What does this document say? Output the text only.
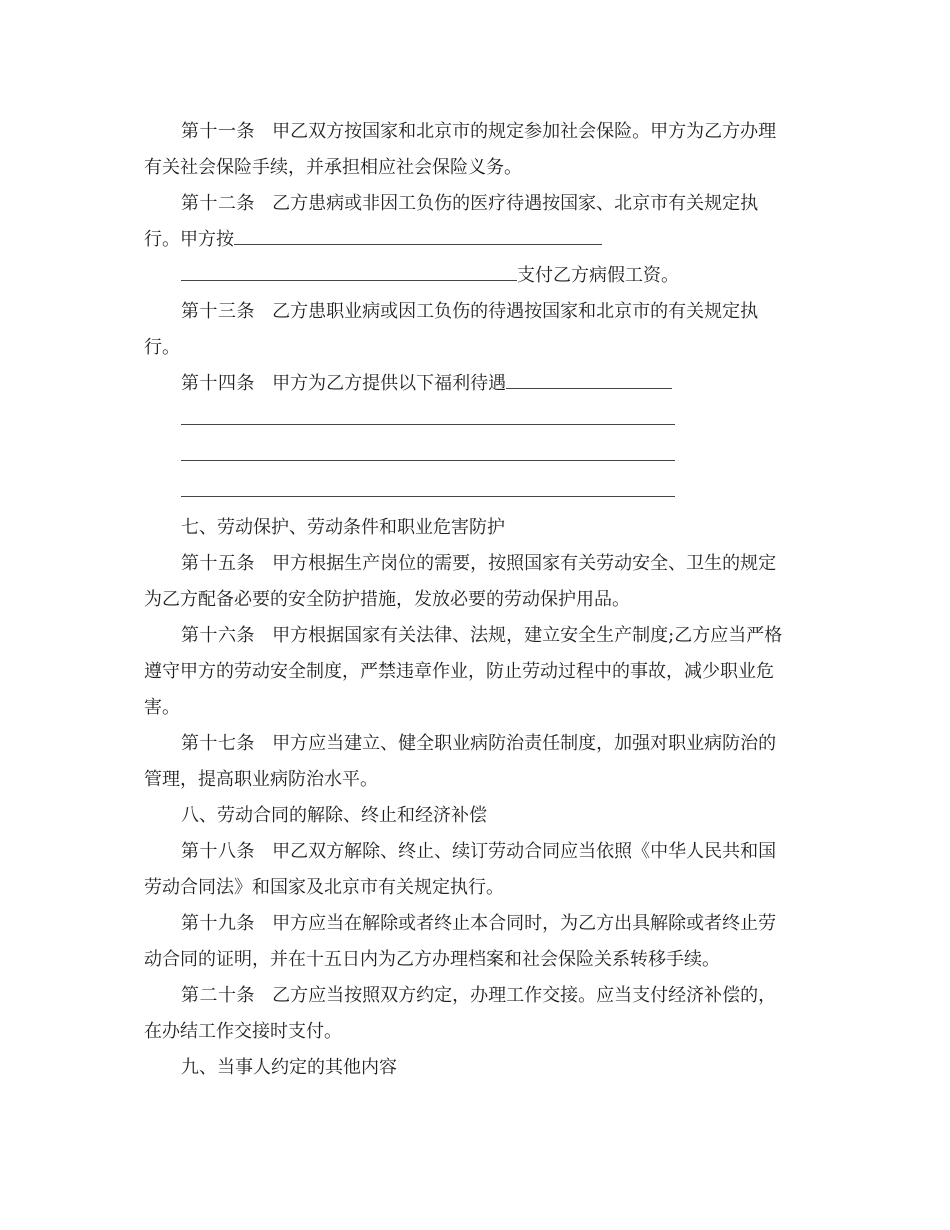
第十一条 甲乙双方按国家和北京市的规定参加社会保险。甲方为乙方办理

有关社会保险手续，并承担相应社会保险义务。

第十二条 乙方患病或非因工负伤的医疗待遇按国家、北京市有关规定执

行。甲方按

支付乙方病假工资。

第十三条 乙方患职业病或因工负伤的待遇按国家和北京市的有关规定执

行。

第十四条 甲方为乙方提供以下福利待遇

七、劳动保护、劳动条件和职业危害防护

第十五条 甲方根据生产岗位的需要，按照国家有关劳动安全、卫生的规定

为乙方配备必要的安全防护措施，发放必要的劳动保护用品。

第十六条 甲方根据国家有关法律、法规，建立安全生产制度;乙方应当严格

遵守甲方的劳动安全制度，严禁违章作业，防止劳动过程中的事故，减少职业危

害。

第十七条 甲方应当建立、健全职业病防治责任制度，加强对职业病防治的

管理，提高职业病防治水平。

八、劳动合同的解除、终止和经济补偿

第十八条 甲乙双方解除、终止、续订劳动合同应当依照《中华人民共和国

劳动合同法》和国家及北京市有关规定执行。

第十九条 甲方应当在解除或者终止本合同时，为乙方出具解除或者终止劳

动合同的证明，并在十五日内为乙方办理档案和社会保险关系转移手续。

第二十条 乙方应当按照双方约定，办理工作交接。应当支付经济补偿的，

在办结工作交接时支付。

九、当事人约定的其他内容
